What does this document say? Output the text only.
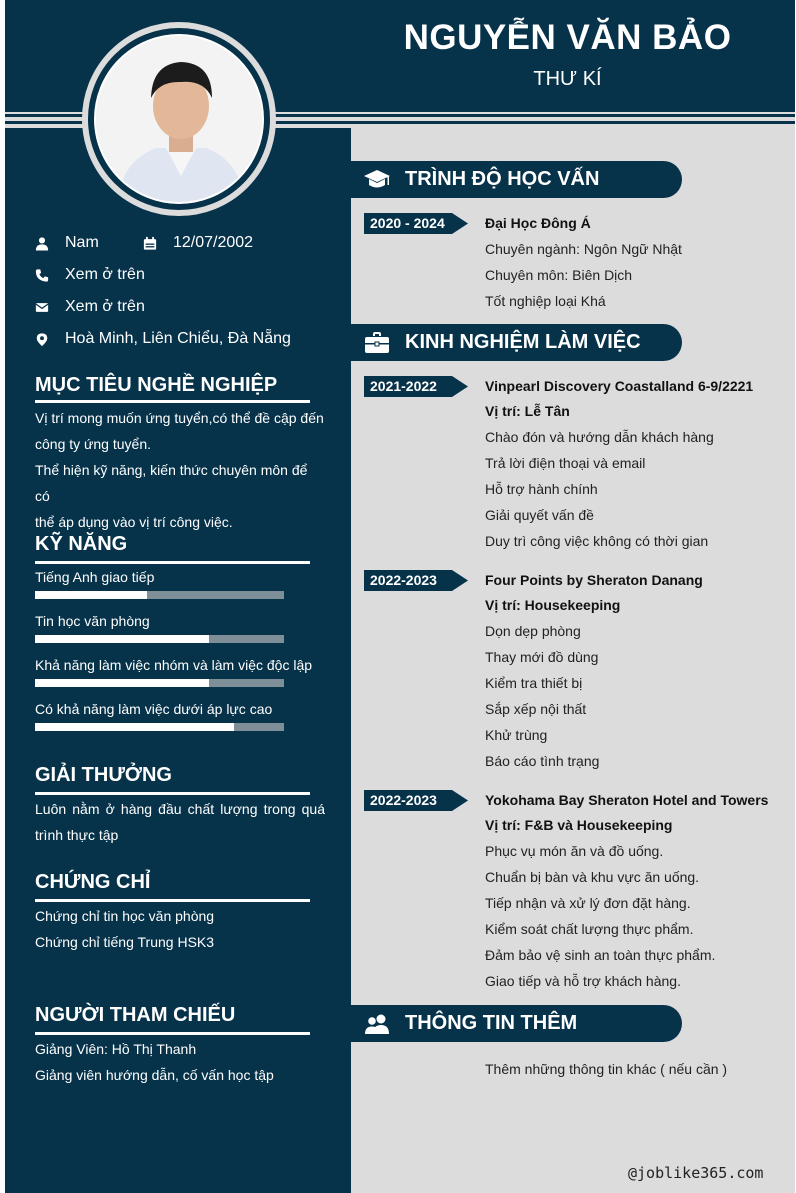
NGUYỄN VĂN BẢO
THƯ KÍ
Nam	12/07/2002
Xem ở trên
Xem ở trên
Hoà Minh, Liên Chiểu, Đà Nẵng
MỤC TIÊU NGHỀ NGHIỆP
Vị trí mong muốn ứng tuyển,có thể đề cập đến
công ty ứng tuyển.
Thể hiện kỹ năng, kiến thức chuyên môn để có
thể áp dụng vào vị trí công việc.
KỸ NĂNG
Tiếng Anh giao tiếp
Tin học văn phòng
Khả năng làm việc nhóm và làm việc độc lập
Có khả năng làm việc dưới áp lực cao
GIẢI THƯỞNG
Luôn nằm ở hàng đầu chất lượng trong quá trình thực tập
CHỨNG CHỈ
Chứng chỉ tin học văn phòng
Chứng chỉ tiếng Trung HSK3
NGƯỜI THAM CHIẾU
Giảng Viên: Hồ Thị Thanh
Giảng viên hướng dẫn, cố vấn học tập
TRÌNH ĐỘ HỌC VẤN
2020 - 2024	Đại Học Đông Á
Chuyên ngành: Ngôn Ngữ Nhật
Chuyên môn: Biên Dịch
Tốt nghiệp loại Khá
KINH NGHIỆM LÀM VIỆC
2021-2022	Vinpearl Discovery Coastalland 6-9/2221
Vị trí: Lễ Tân
Chào đón và hướng dẫn khách hàng
Trả lời điện thoại và email
Hỗ trợ hành chính
Giải quyết vấn đề
Duy trì công việc không có thời gian
2022-2023	Four Points by Sheraton Danang
Vị trí: Housekeeping
Dọn dẹp phòng
Thay mới đồ dùng
Kiểm tra thiết bị
Sắp xếp nội thất
Khử trùng
Báo cáo tình trạng
2022-2023	Yokohama Bay Sheraton Hotel and Towers
Vị trí: F&B và Housekeeping
Phục vụ món ăn và đồ uống.
Chuẩn bị bàn và khu vực ăn uống.
Tiếp nhận và xử lý đơn đặt hàng.
Kiểm soát chất lượng thực phẩm.
Đảm bảo vệ sinh an toàn thực phẩm.
Giao tiếp và hỗ trợ khách hàng.
THÔNG TIN THÊM
Thêm những thông tin khác ( nếu cần )
@joblike365.com
